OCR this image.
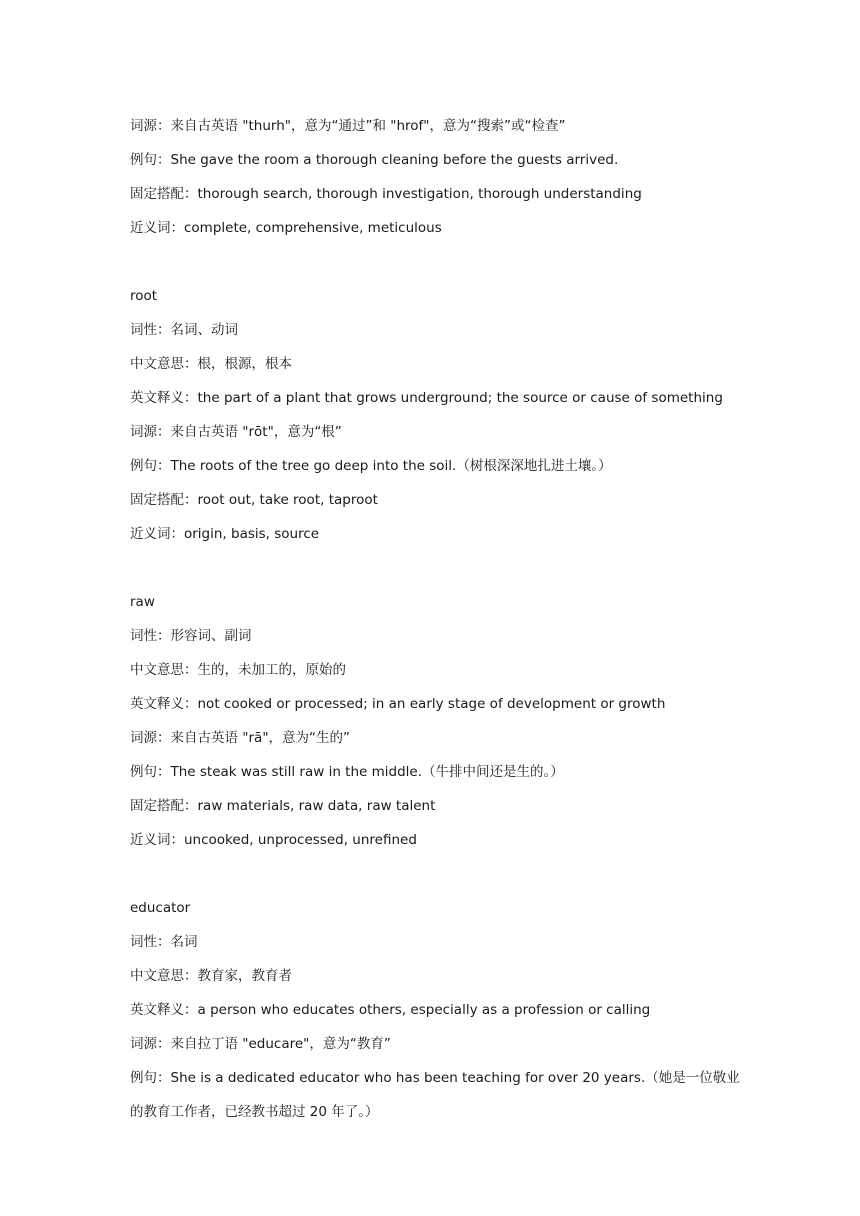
词源：来自古英语 "thurh"，意为“通过”和 "hrof"，意为“搜索”或“检查”
例句：She gave the room a thorough cleaning before the guests arrived.
固定搭配：thorough search, thorough investigation, thorough understanding
近义词：complete, comprehensive, meticulous
root
词性：名词、动词
中文意思：根，根源，根本
英文释义：the part of a plant that grows underground; the source or cause of something
词源：来自古英语 "rōt"，意为“根”
例句：The roots of the tree go deep into the soil.（树根深深地扎进土壤。）
固定搭配：root out, take root, taproot
近义词：origin, basis, source
raw
词性：形容词、副词
中文意思：生的，未加工的，原始的
英文释义：not cooked or processed; in an early stage of development or growth
词源：来自古英语 "rā"，意为“生的”
例句：The steak was still raw in the middle.（牛排中间还是生的。）
固定搭配：raw materials, raw data, raw talent
近义词：uncooked, unprocessed, unrefined
educator
词性：名词
中文意思：教育家，教育者
英文释义：a person who educates others, especially as a profession or calling
词源：来自拉丁语 "educare"，意为“教育”
例句：She is a dedicated educator who has been teaching for over 20 years.（她是一位敬业的教育工作者，已经教书超过 20 年了。）
